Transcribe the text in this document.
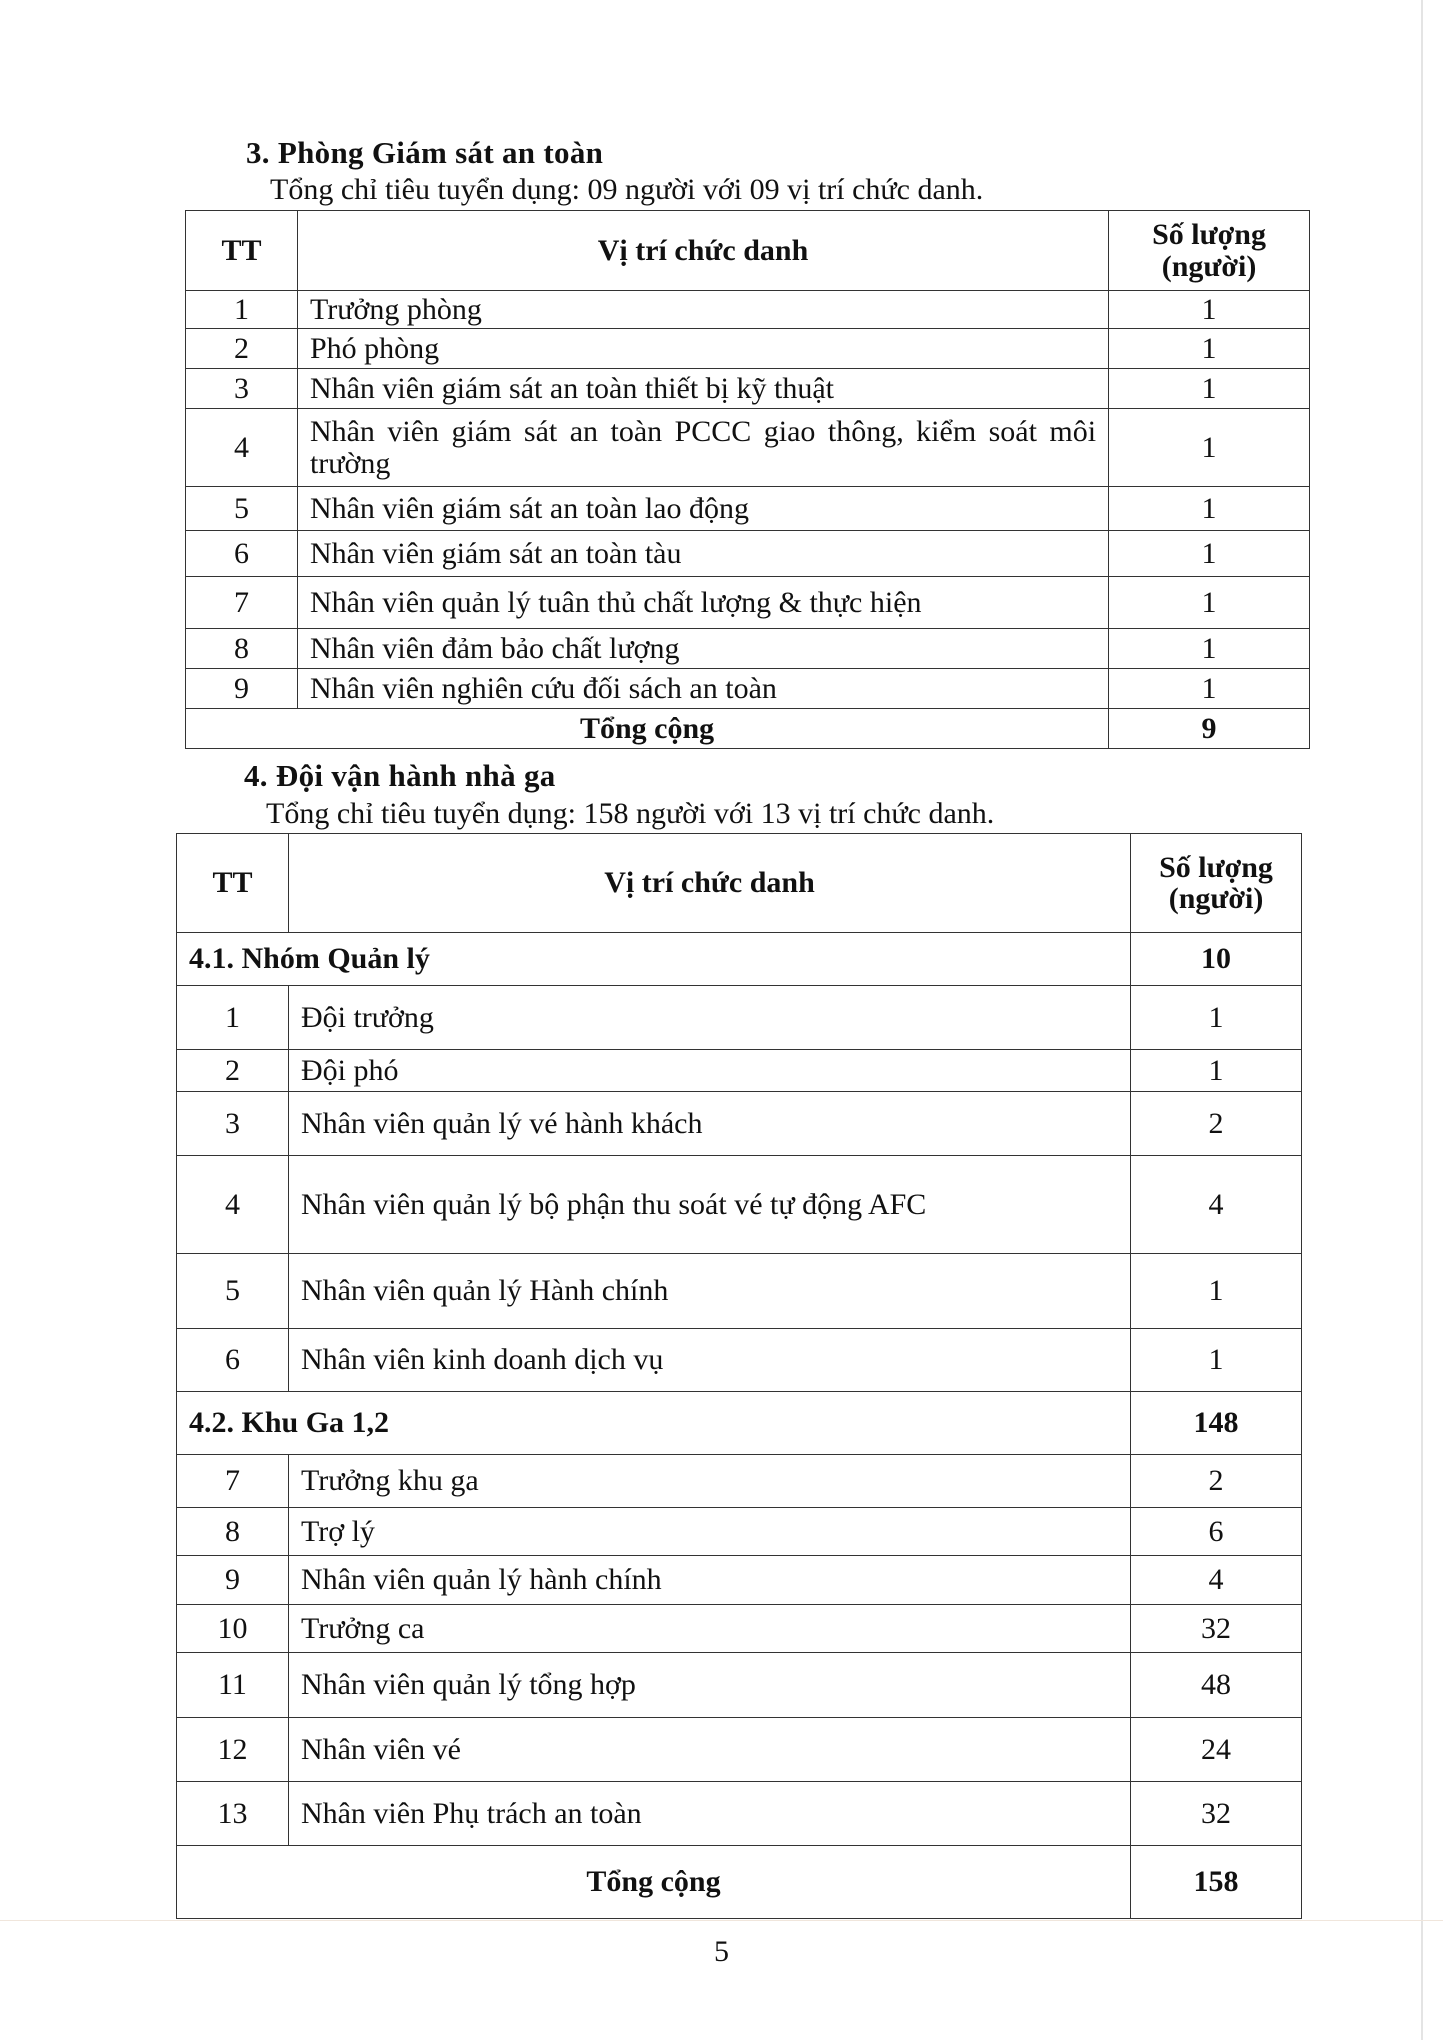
3. Phòng Giám sát an toàn
Tổng chỉ tiêu tuyển dụng: 09 người với 09 vị trí chức danh.
TT	Vị trí chức danh	Số lượng
(người)

1	Trưởng phòng	1
2	Phó phòng	1
3	Nhân viên giám sát an toàn thiết bị kỹ thuật	1
4	Nhân viên giám sát an toàn PCCC giao thông, kiểm soát môi trường	1
5	Nhân viên giám sát an toàn lao động	1
6	Nhân viên giám sát an toàn tàu	1
7	Nhân viên quản lý tuân thủ chất lượng & thực hiện	1
8	Nhân viên đảm bảo chất lượng	1
9	Nhân viên nghiên cứu đối sách an toàn	1
Tổng cộng		9
4. Đội vận hành nhà ga
Tổng chỉ tiêu tuyển dụng: 158 người với 13 vị trí chức danh.
TT	Vị trí chức danh	Số lượng
(người)

4.1. Nhóm Quản lý		10
1	Đội trưởng	1
2	Đội phó	1
3	Nhân viên quản lý vé hành khách	2
4	Nhân viên quản lý bộ phận thu soát vé tự động AFC	4
5	Nhân viên quản lý Hành chính	1
6	Nhân viên kinh doanh dịch vụ	1
4.2. Khu Ga 1,2		148
7	Trưởng khu ga	2
8	Trợ lý	6
9	Nhân viên quản lý hành chính	4
10	Trưởng ca	32
11	Nhân viên quản lý tổng hợp	48
12	Nhân viên vé	24
13	Nhân viên Phụ trách an toàn	32
Tổng cộng		158
5
